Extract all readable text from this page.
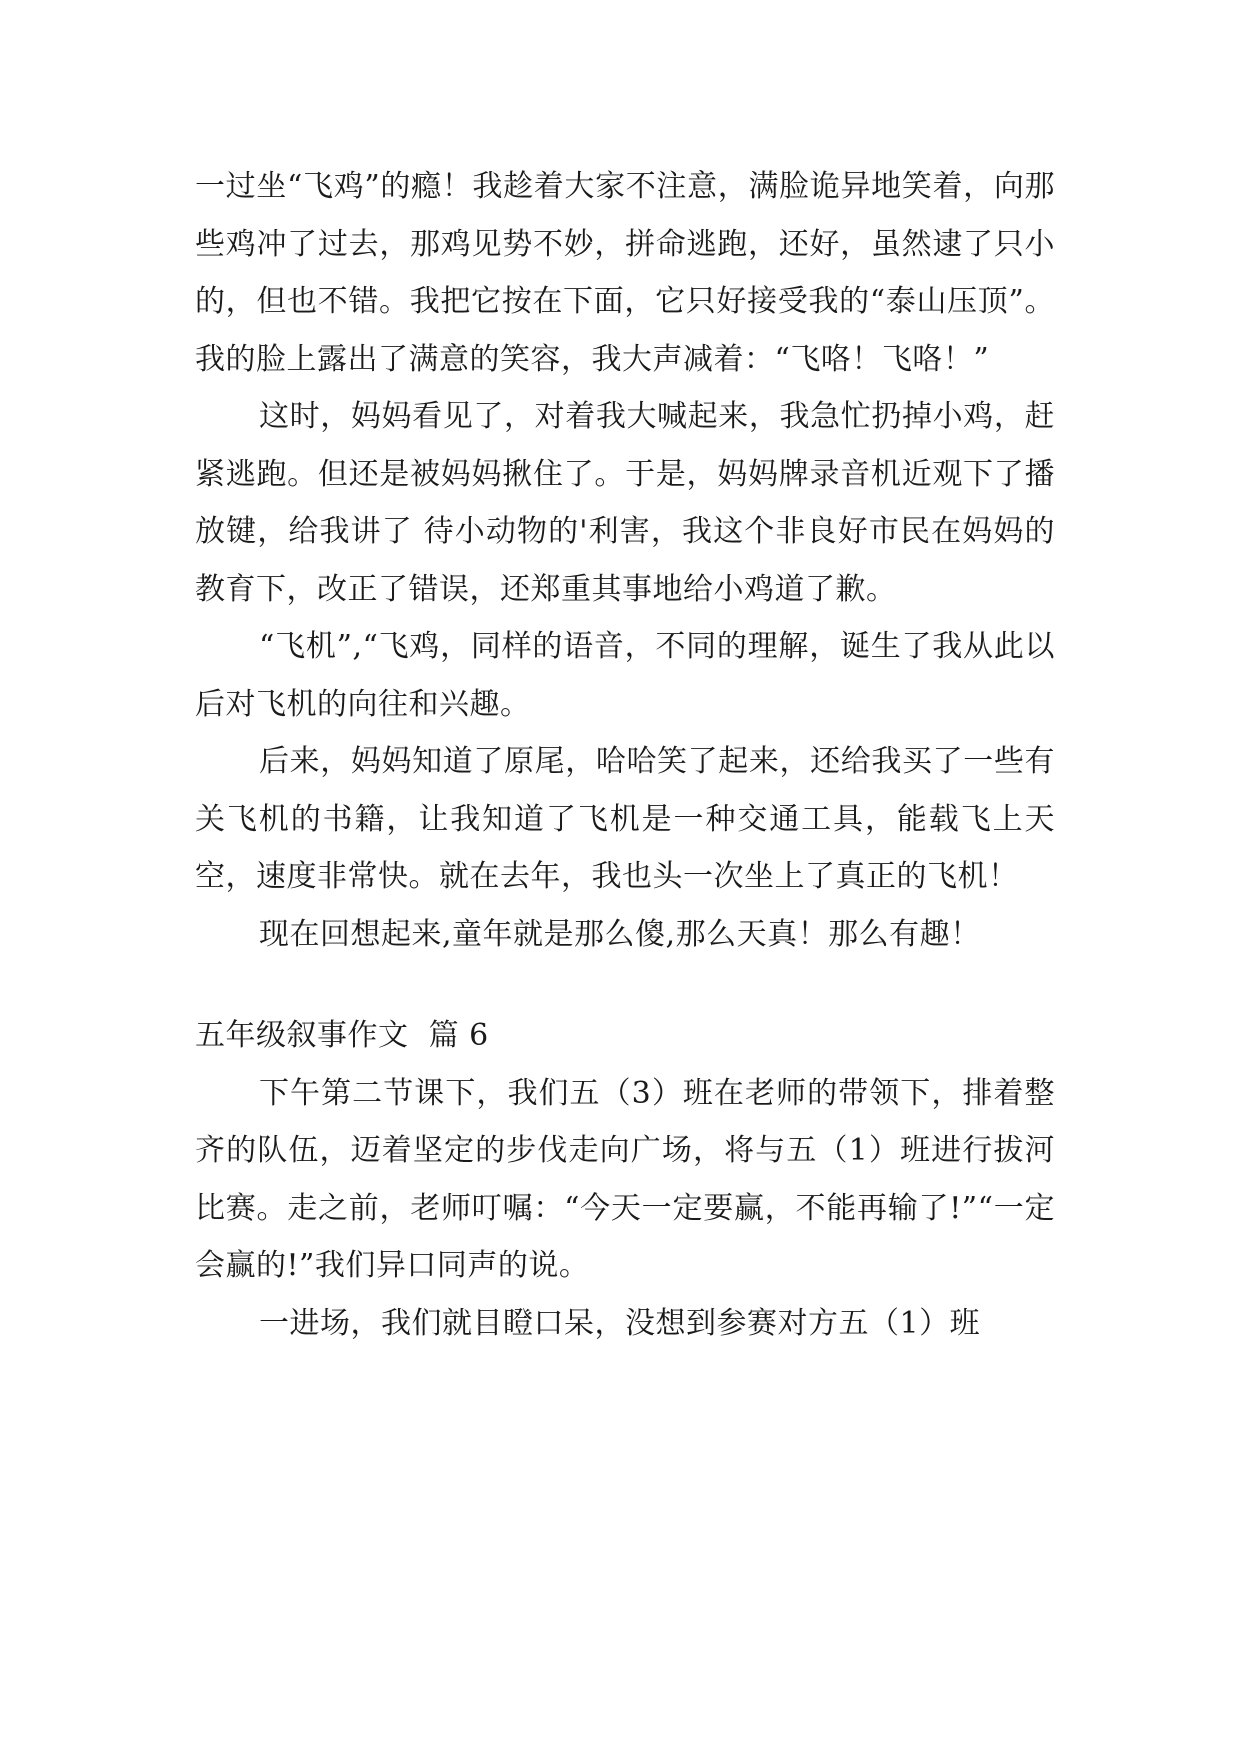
一过坐“飞鸡”的瘾！我趁着大家不注意，满脸诡异地笑着，向那些鸡冲了过去，那鸡见势不妙，拼命逃跑，还好，虽然逮了只小的，但也不错。我把它按在下面，它只好接受我的“泰山压顶”。我的脸上露出了满意的笑容，我大声减着：“飞咯！飞咯！”

这时，妈妈看见了，对着我大喊起来，我急忙扔掉小鸡，赶紧逃跑。但还是被妈妈揪住了。于是，妈妈牌录音机近观下了播放键，给我讲了 待小动物的'利害，我这个非良好市民在妈妈的教育下，改正了错误，还郑重其事地给小鸡道了歉。

“飞机”,“飞鸡，同样的语音，不同的理解，诞生了我从此以后对飞机的向往和兴趣。

后来，妈妈知道了原尾，哈哈笑了起来，还给我买了一些有关飞机的书籍，让我知道了飞机是一种交通工具，能载飞上天空，速度非常快。就在去年，我也头一次坐上了真正的飞机！

现在回想起来,童年就是那么傻,那么天真！那么有趣！

五年级叙事作文  篇 6

下午第二节课下，我们五（3）班在老师的带领下，排着整齐的队伍，迈着坚定的步伐走向广场，将与五（1）班进行拔河比赛。走之前，老师叮嘱：“今天一定要赢，不能再输了!”“一定会赢的!”我们异口同声的说。

一进场，我们就目瞪口呆，没想到参赛对方五（1）班
